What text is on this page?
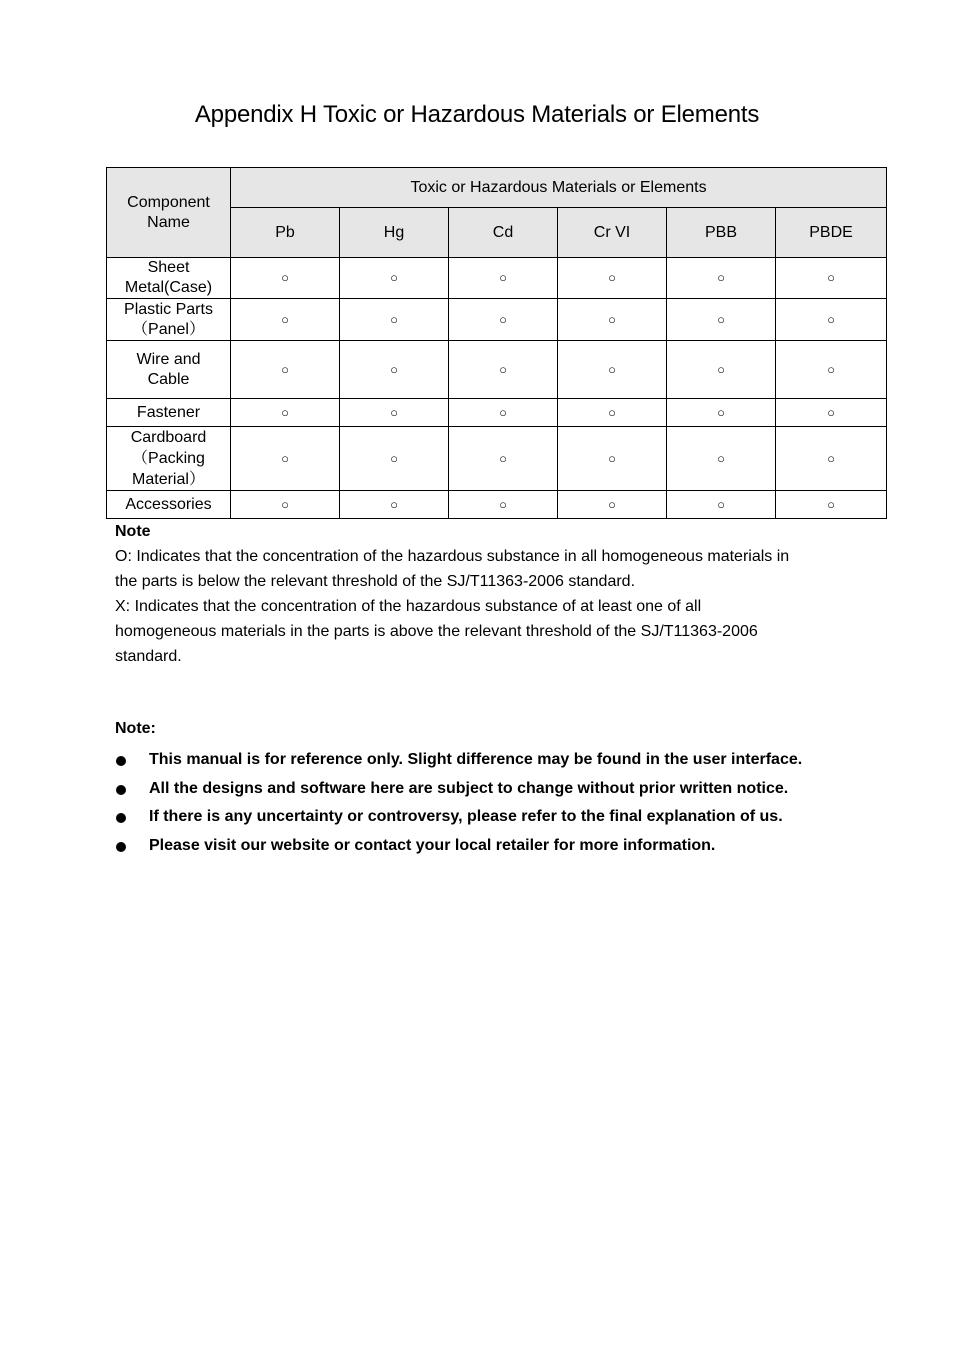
Appendix H Toxic or Hazardous Materials or Elements
Component
Name	Toxic or Hazardous Materials or Elements					
	Pb	Hg	Cd	Cr VI	PBB	PBDE
Sheet
Metal(Case)	○	○	○	○	○	○
Plastic Parts
（Panel）	○	○	○	○	○	○
Wire and
Cable	○	○	○	○	○	○
Fastener	○	○	○	○	○	○
Cardboard
（Packing
Material）	○	○	○	○	○	○
Accessories	○	○	○	○	○	○
Note
O: Indicates that the concentration of the hazardous substance in all homogeneous materials in
the parts is below the relevant threshold of the SJ/T11363-2006 standard.
X: Indicates that the concentration of the hazardous substance of at least one of all
homogeneous materials in the parts is above the relevant threshold of the SJ/T11363-2006
standard.
Note:
This manual is for reference only. Slight difference may be found in the user interface.
All the designs and software here are subject to change without prior written notice.
If there is any uncertainty or controversy, please refer to the final explanation of us.
Please visit our website or contact your local retailer for more information.
